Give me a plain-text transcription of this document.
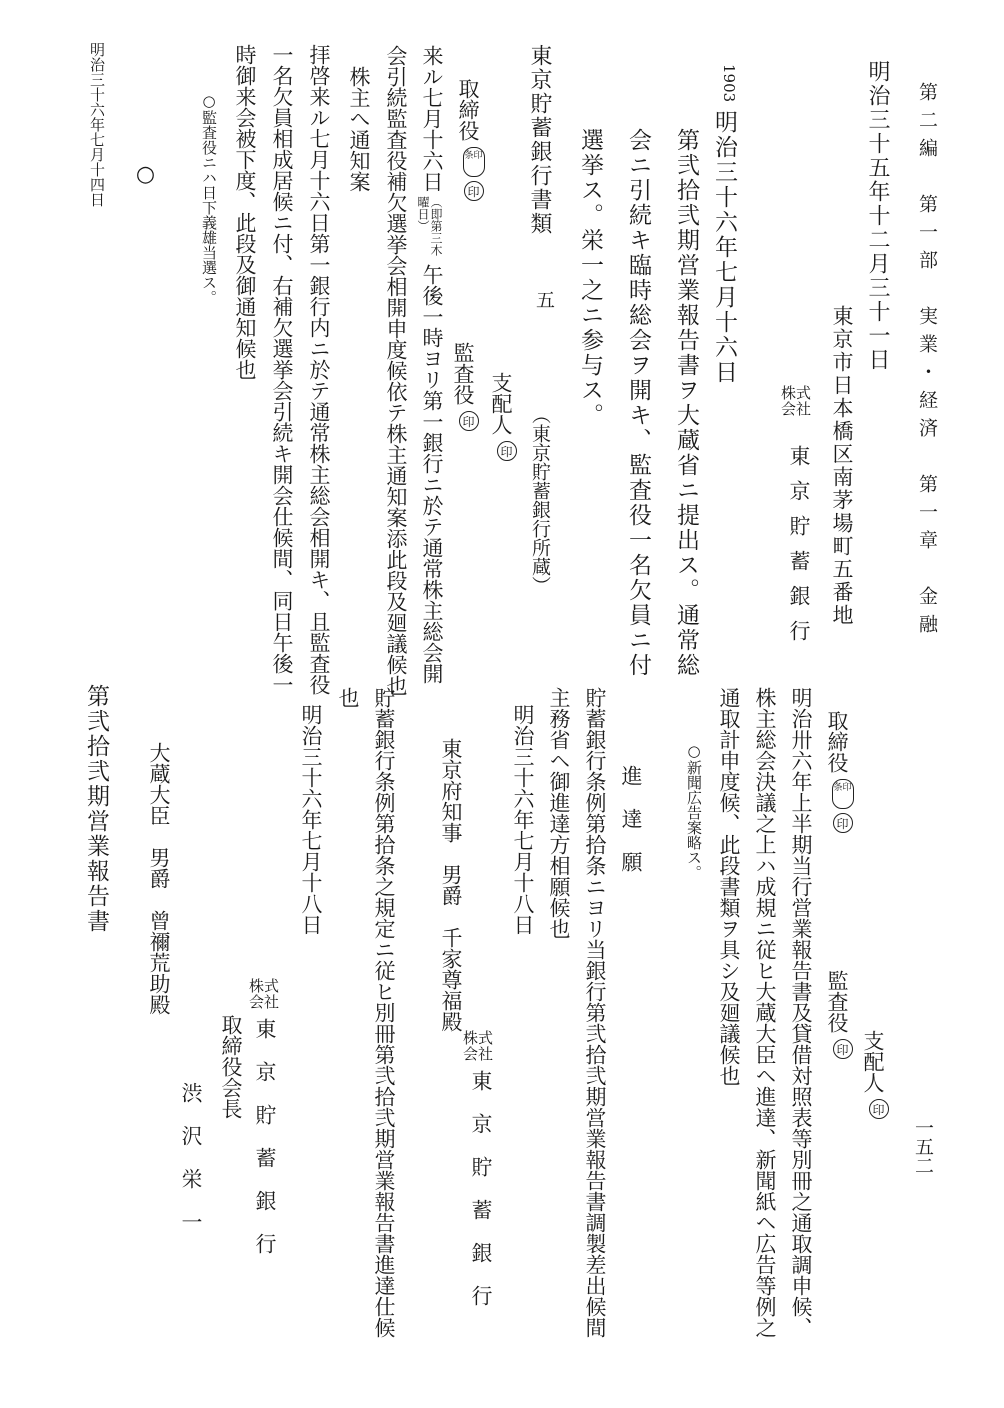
第二編　第一部　実業・経済　第一章　金融
明治三十五年十二月三十一日
東京市日本橋区南茅場町五番地
株式会社
東京貯蓄銀行
1903
明治三十六年七月十六日
第弐拾弐期営業報告書ヲ大蔵省ニ提出ス。通常総
会ニ引続キ臨時総会ヲ開キ、監査役一名欠員ニ付
選挙ス。栄一之ニ参与ス。
東京貯蓄銀行書類
五
（東京貯蓄銀行所蔵）
支配人印
監査役印
取締役条印印
来ル七月十六日
（即第三木曜日）
午後一時ヨリ第一銀行ニ於テ通常株主総会開
会引続監査役補欠選挙会相開申度候依テ株主通知案添此段及廻議候也
株主へ通知案
拝啓来ル七月十六日第一銀行内ニ於テ通常株主総会相開キ、且監査役
一名欠員相成居候ニ付、右補欠選挙会引続キ開会仕候間、同日午後一
時御来会被下度、此段及御通知候也
○監査役ニハ日下義雄当選ス。
○
明治三十六年七月十四日
一五二
支配人印
監査役印
取締役条印印
明治卅六年上半期当行営業報告書及貸借対照表等別冊之通取調申候、
株主総会決議之上ハ成規ニ従ヒ大蔵大臣ヘ進達、新聞紙ヘ広告等例之
通取計申度候、此段書類ヲ具シ及廻議候也
○新聞広告案略ス。
進達願
貯蓄銀行条例第拾条ニヨリ当銀行第弐拾弐期営業報告書調製差出候間
主務省ヘ御進達方相願候也
明治三十六年七月十八日
株式会社
東京貯蓄銀行
東京府知事　男爵　千家尊福殿
貯蓄銀行条例第拾条之規定ニ従ヒ別冊第弐拾弐期営業報告書進達仕候
也
明治三十六年七月十八日
株式会社
東京貯蓄銀行
取締役会長
渋沢栄一
大蔵大臣　男爵　曾禰荒助殿
第弐拾弐期営業報告書
